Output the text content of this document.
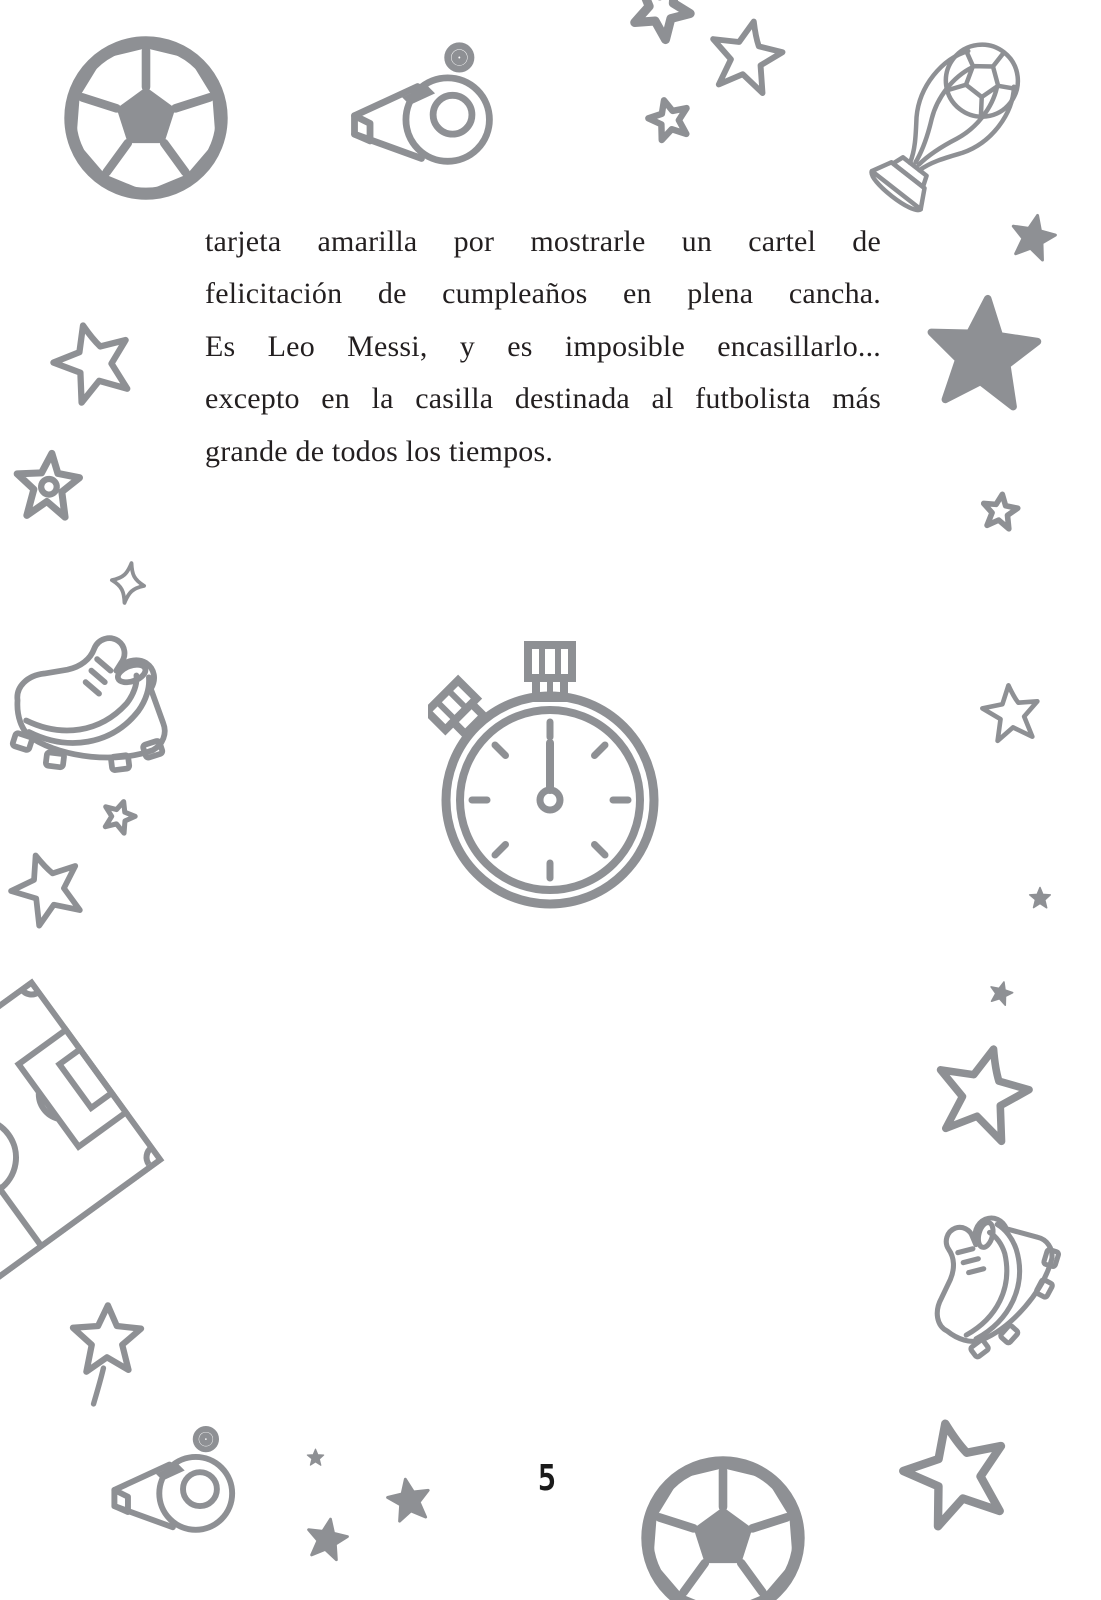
tarjeta amarilla por mostrarle un cartel de
felicitación de cumpleaños en plena cancha.
Es Leo Messi, y es imposible encasillarlo...
excepto en la casilla destinada al futbolista más
grande de todos los tiempos.
5
